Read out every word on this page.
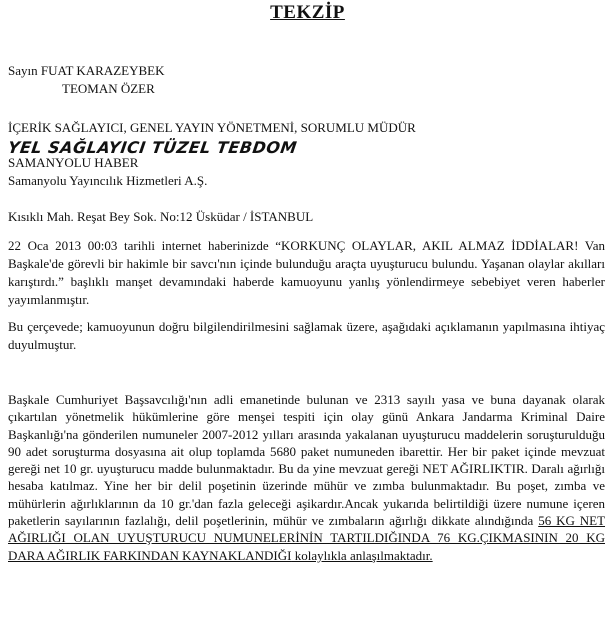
TEKZİP
Sayın FUAT KARAZEYBEK
TEOMAN ÖZER
İÇERİK SAĞLAYICI, GENEL YAYIN YÖNETMENİ, SORUMLU MÜDÜR
YEL SAĞLAYICI TÜZEL TEBDOM
SAMANYOLU HABER
Samanyolu Yayıncılık Hizmetleri A.Ş.
Kısıklı Mah. Reşat Bey Sok. No:12 Üsküdar / İSTANBUL

22 Oca 2013 00:03 tarihli internet haberinizde “KORKUNÇ OLAYLAR, AKIL ALMAZ İDDİALAR! Van Başkale'de görevli bir hakimle bir savcı'nın içinde bulunduğu araçta uyuşturucu bulundu. Yaşanan olaylar akılları karıştırdı.” başlıklı manşet devamındaki haberde kamuoyunu yanlış yönlendirmeye sebebiyet veren haberler yayımlanmıştır.

Bu çerçevede; kamuoyunun doğru bilgilendirilmesini sağlamak üzere, aşağıdaki açıklamanın yapılmasına ihtiyaç duyulmuştur.

Başkale Cumhuriyet Başsavcılığı'nın adli emanetinde bulunan ve 2313 sayılı yasa ve buna dayanak olarak çıkartılan yönetmelik hükümlerine göre menşei tespiti için olay günü Ankara Jandarma Kriminal Daire Başkanlığı'na gönderilen numuneler 2007-2012 yılları arasında yakalanan uyuşturucu maddelerin soruşturulduğu 90 adet soruşturma dosyasına ait olup toplamda 5680 paket numuneden ibarettir. Her bir paket içinde mevzuat gereği net 10 gr. uyuşturucu madde bulunmaktadır. Bu da yine mevzuat gereği NET AĞIRLIKTIR. Daralı ağırlığı hesaba katılmaz. Yine her bir delil poşetinin üzerinde mühür ve zımba bulunmaktadır. Bu poşet, zımba ve mühürlerin ağırlıklarının da 10 gr.'dan fazla geleceği aşikardır.Ancak yukarıda belirtildiği üzere numune içeren paketlerin sayılarının fazlalığı, delil poşetlerinin, mühür ve zımbaların ağırlığı dikkate alındığında 56 KG NET AĞIRLIĞI OLAN UYUŞTURUCU NUMUNELERİNİN TARTILDIĞINDA 76 KG.ÇIKMASININ 20 KG DARA AĞIRLIK FARKINDAN KAYNAKLANDIĞI kolaylıkla anlaşılmaktadır.
